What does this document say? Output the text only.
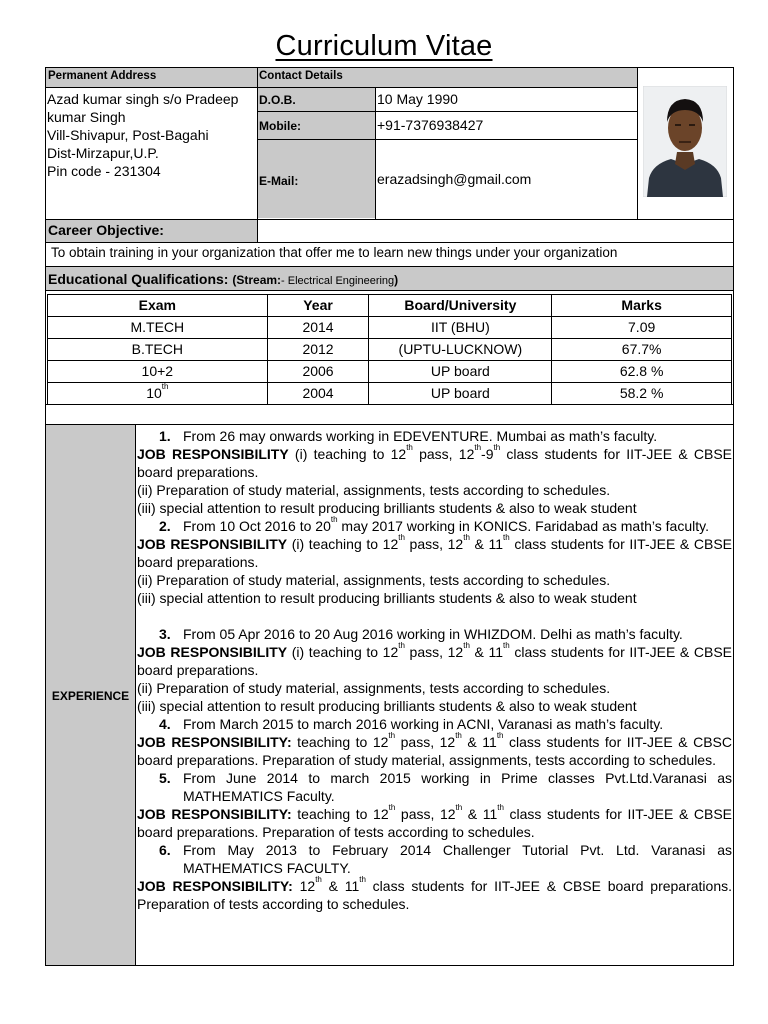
Curriculum Vitae
Permanent Address	Contact Details
Azad kumar singh s/o Pradeep kumar Singh
Vill-Shivapur, Post-Bagahi
Dist-Mirzapur,U.P.
Pin code - 231304
D.O.B.	10 May 1990
Mobile:	+91-7376938427
E-Mail:	erazadsingh@gmail.com
Career Objective:
To obtain training in your organization that offer me to learn new things under your organization
Educational Qualifications: (Stream:- Electrical Engineering)
Exam	Year	Board/University	Marks
M.TECH	2014	IIT (BHU)	7.09
B.TECH	2012	(UPTU-LUCKNOW)	67.7%
10+2	2006	UP board	62.8 %
10th	2004	UP board	58.2 %
EXPERIENCE
1. From 26 may onwards working in EDEVENTURE. Mumbai as math’s faculty.

JOB RESPONSIBILITY (i) teaching to 12th pass, 12th-9th class students for IIT-JEE & CBSE board preparations.

(ii) Preparation of study material, assignments, tests according to schedules.

(iii) special attention to result producing brilliants students & also to weak student

2. From 10 Oct 2016 to 20th may 2017 working in KONICS. Faridabad as math’s faculty.

JOB RESPONSIBILITY (i) teaching to 12th pass, 12th & 11th class students for IIT-JEE & CBSE board preparations.

(ii) Preparation of study material, assignments, tests according to schedules.

(iii) special attention to result producing brilliants students & also to weak student

3. From 05 Apr 2016 to 20 Aug 2016 working in WHIZDOM. Delhi as math’s faculty.

JOB RESPONSIBILITY (i) teaching to 12th pass, 12th & 11th class students for IIT-JEE & CBSE board preparations.

(ii) Preparation of study material, assignments, tests according to schedules.

(iii) special attention to result producing brilliants students & also to weak student

4. From March 2015 to march 2016 working in ACNI, Varanasi as math’s faculty.

JOB RESPONSIBILITY: teaching to 12th pass, 12th & 11th class students for IIT-JEE & CBSC board preparations. Preparation of study material, assignments, tests according to schedules.

5. From June 2014 to march 2015 working in Prime classes Pvt.Ltd.Varanasi as MATHEMATICS Faculty.

JOB RESPONSIBILITY: teaching to 12th pass, 12th & 11th class students for IIT-JEE & CBSE board preparations. Preparation of tests according to schedules.

6. From May 2013 to February 2014 Challenger Tutorial Pvt. Ltd. Varanasi as MATHEMATICS FACULTY.

JOB RESPONSIBILITY: 12th & 11th class students for IIT-JEE & CBSE board preparations. Preparation of tests according to schedules.
